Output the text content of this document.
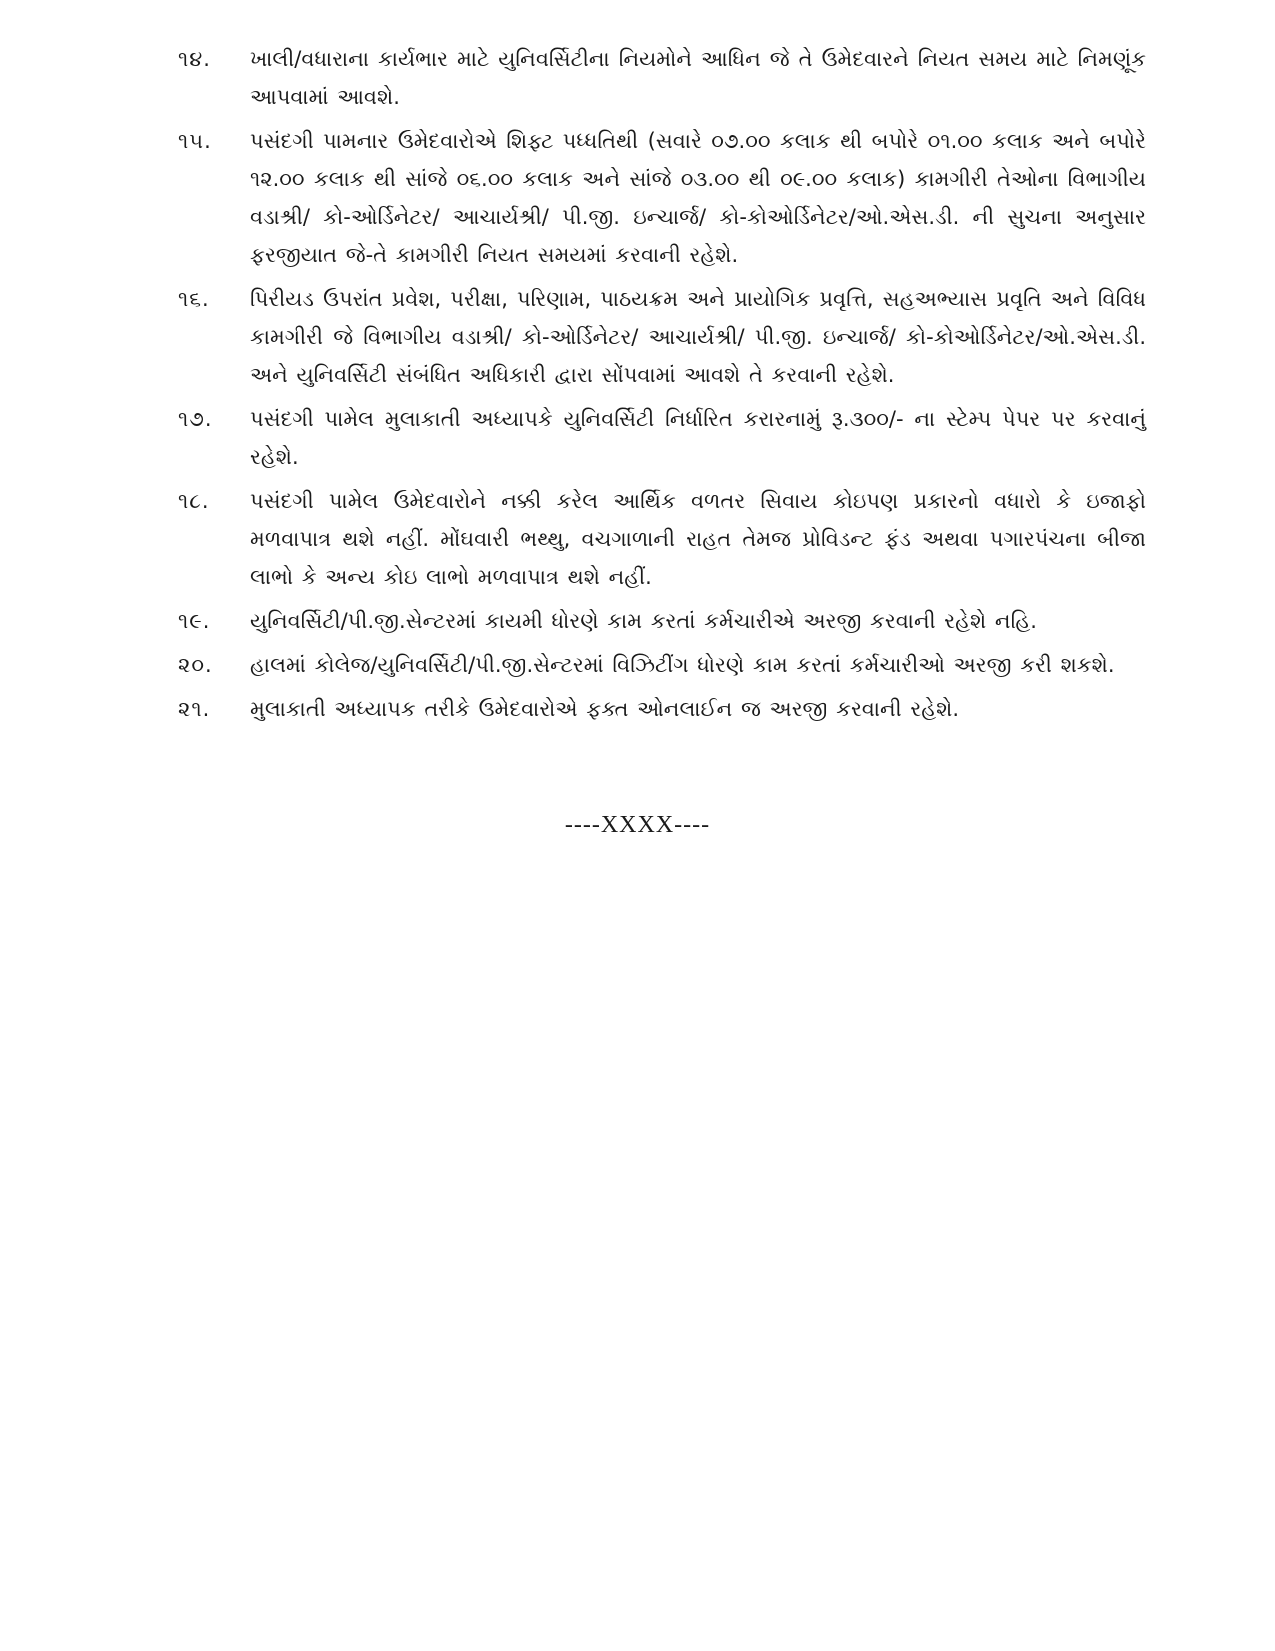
૧૪.	ખાલી/વધારાના કાર્યભાર માટે યુનિવર્સિટીના નિયમોને આધિન જે તે ઉમેદવારને નિયત સમય માટે નિમણૂંક આપવામાં આવશે.
૧૫.	પસંદગી પામનાર ઉમેદવારોએ શિફ્ટ પધ્ધતિથી (સવારે ૦૭.૦૦ કલાક થી બપોરે ૦૧.૦૦ કલાક અને બપોરે ૧૨.૦૦ કલાક થી સાંજે ૦૬.૦૦ કલાક અને સાંજે ૦૩.૦૦ થી ૦૯.૦૦ કલાક) કામગીરી તેઓના વિભાગીય વડાશ્રી/ કો-ઓર્ડિનેટર/ આચાર્યશ્રી/ પી.જી. ઇન્ચાર્જ/ કો-કોઓર્ડિનેટર/ઓ.એસ.ડી. ની સુચના અનુસાર ફરજીયાત જે-તે કામગીરી નિયત સમયમાં કરવાની રહેશે.
૧૬.	પિરીયડ ઉપરાંત પ્રવેશ, પરીક્ષા, પરિણામ, પાઠયક્રમ અને પ્રાયોગિક પ્રવૃત્તિ, સહઅભ્યાસ પ્રવૃતિ અને વિવિધ કામગીરી જે વિભાગીય વડાશ્રી/ કો-ઓર્ડિનેટર/ આચાર્યશ્રી/ પી.જી. ઇન્ચાર્જ/ કો-કોઓર્ડિનેટર/ઓ.એસ.ડી. અને યુનિવર્સિટી સંબંધિત અધિકારી દ્વારા સોંપવામાં આવશે તે કરવાની રહેશે.
૧૭.	પસંદગી પામેલ મુલાકાતી અધ્યાપકે યુનિવર્સિટી નિર્ધારિત કરારનામું રૂ.૩૦૦/- ના સ્ટેમ્પ પેપર પર કરવાનું રહેશે.
૧૮.	પસંદગી પામેલ ઉમેદવારોને નક્કી કરેલ આર્થિક વળતર સિવાય કોઇપણ પ્રકારનો વધારો કે ઇજાફો મળવાપાત્ર થશે નહીં. મોંઘવારી ભથ્થુ, વચગાળાની રાહત તેમજ પ્રોવિડન્ટ ફંડ અથવા પગારપંચના બીજા લાભો કે અન્ય કોઇ લાભો મળવાપાત્ર થશે નહીં.
૧૯.	યુનિવર્સિટી/પી.જી.સેન્ટરમાં કાયમી ધોરણે કામ કરતાં કર્મચારીએ અરજી કરવાની રહેશે નહિ.
૨૦.	હાલમાં કોલેજ/યુનિવર્સિટી/પી.જી.સેન્ટરમાં વિઝિટીંગ ધોરણે કામ કરતાં કર્મચારીઓ અરજી કરી શકશે.
૨૧.	મુલાકાતી અધ્યાપક તરીકે ઉમેદવારોએ ફક્ત ઓનલાઈન જ અરજી કરવાની રહેશે.
----XXXX----
